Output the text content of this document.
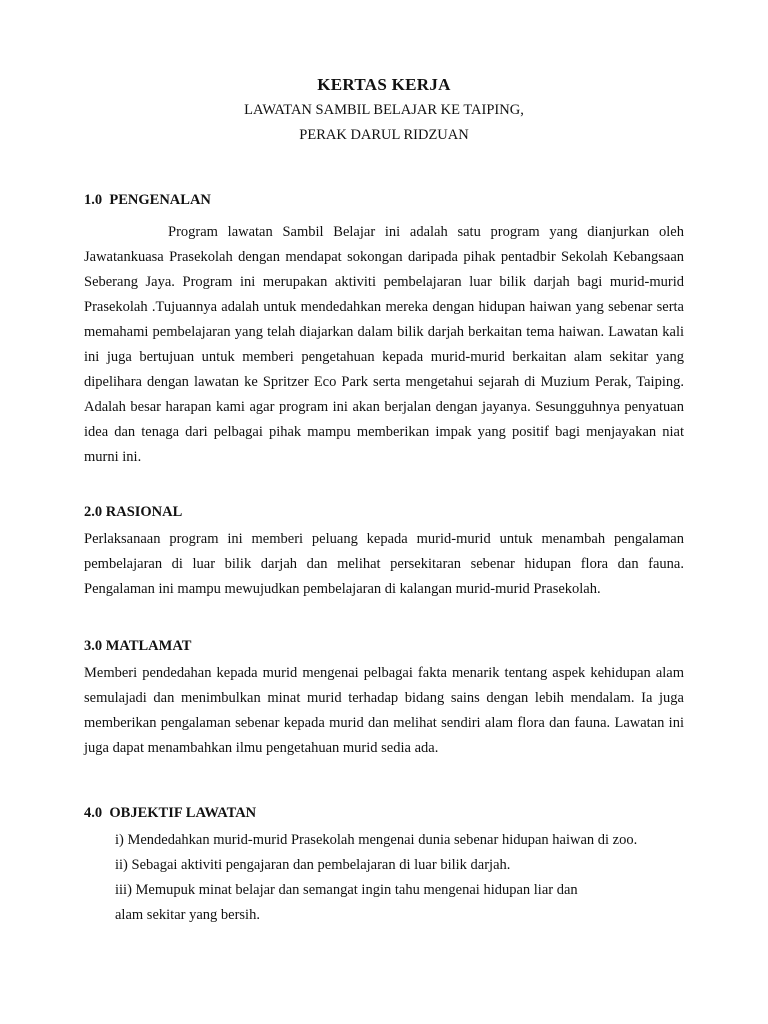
KERTAS KERJA
LAWATAN SAMBIL BELAJAR KE TAIPING,
PERAK DARUL RIDZUAN
1.0  PENGENALAN

Program lawatan Sambil Belajar ini adalah satu program yang dianjurkan oleh Jawatankuasa Prasekolah dengan mendapat sokongan daripada pihak pentadbir Sekolah Kebangsaan Seberang Jaya. Program ini merupakan aktiviti pembelajaran luar bilik darjah bagi murid-murid Prasekolah .Tujuannya adalah untuk mendedahkan mereka dengan hidupan haiwan yang sebenar serta memahami pembelajaran yang telah diajarkan dalam bilik darjah berkaitan tema haiwan. Lawatan kali ini juga bertujuan untuk memberi pengetahuan kepada murid-murid berkaitan alam sekitar yang dipelihara dengan lawatan ke Spritzer Eco Park serta mengetahui sejarah di Muzium Perak, Taiping. Adalah besar harapan kami agar program ini akan berjalan dengan jayanya. Sesungguhnya penyatuan idea dan tenaga dari pelbagai pihak mampu memberikan impak yang positif bagi menjayakan niat murni ini.

2.0 RASIONAL

Perlaksanaan program ini memberi peluang kepada murid-murid untuk menambah pengalaman pembelajaran di luar bilik darjah dan melihat persekitaran sebenar hidupan flora dan fauna. Pengalaman ini mampu mewujudkan pembelajaran di kalangan murid-murid Prasekolah.

3.0 MATLAMAT

Memberi pendedahan kepada murid mengenai pelbagai fakta menarik tentang aspek kehidupan alam semulajadi dan menimbulkan minat murid terhadap bidang sains dengan lebih mendalam. Ia juga memberikan pengalaman sebenar kepada murid dan melihat sendiri alam flora dan fauna. Lawatan ini juga dapat menambahkan ilmu pengetahuan murid sedia ada.

4.0  OBJEKTIF LAWATAN
i) Mendedahkan murid-murid Prasekolah mengenai dunia sebenar hidupan haiwan di zoo.
ii) Sebagai aktiviti pengajaran dan pembelajaran di luar bilik darjah.
iii) Memupuk minat belajar dan semangat ingin tahu mengenai hidupan liar dan
alam sekitar yang bersih.
